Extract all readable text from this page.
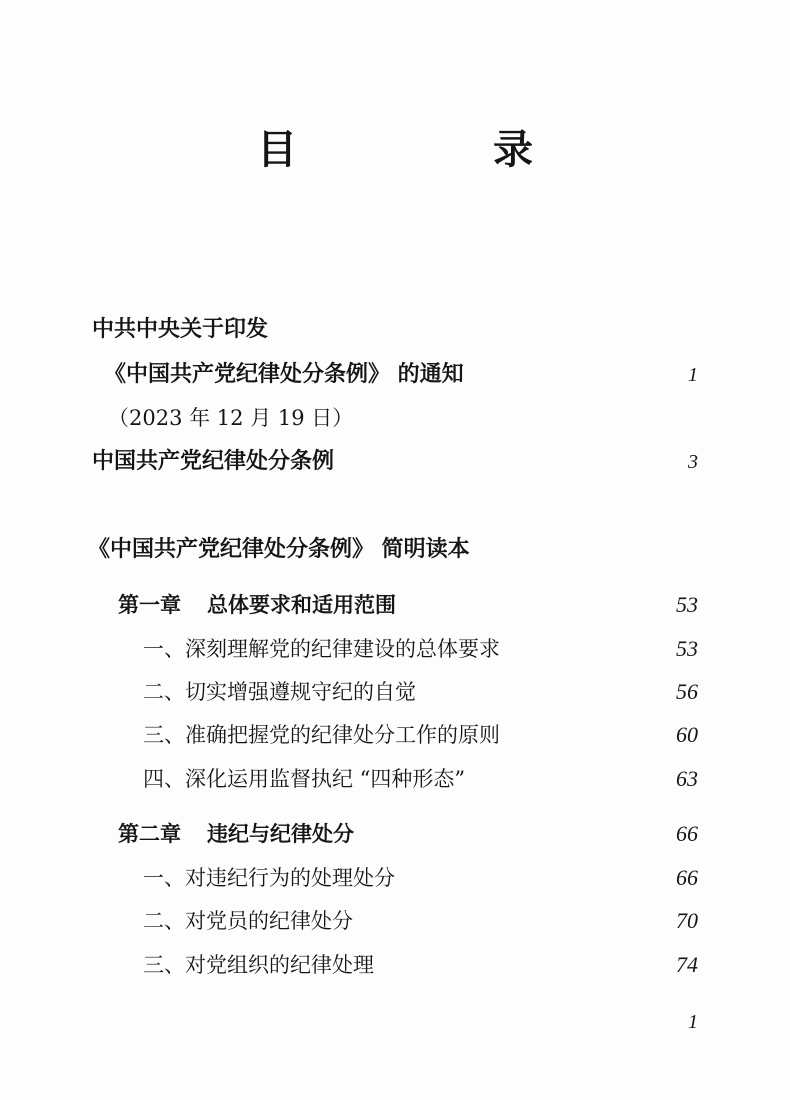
目　录
中共中央关于印发
《中国共产党纪律处分条例》 的通知	1
（2023 年 12 月 19 日）
中国共产党纪律处分条例	3
《中国共产党纪律处分条例》 简明读本
第一章 总体要求和适用范围	53
一、深刻理解党的纪律建设的总体要求	53
二、切实增强遵规守纪的自觉	56
三、准确把握党的纪律处分工作的原则	60
四、深化运用监督执纪 “四种形态”	63
第二章 违纪与纪律处分	66
一、对违纪行为的处理处分	66
二、对党员的纪律处分	70
三、对党组织的纪律处理	74
1
